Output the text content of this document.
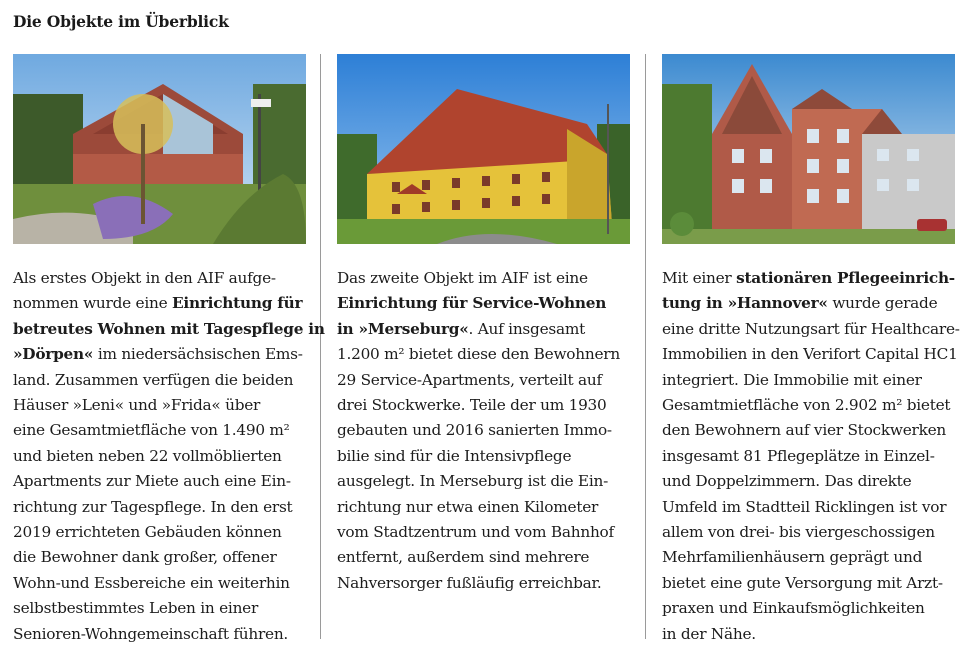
Die Objekte im Überblick
Als erstes Objekt in den AIF aufge-
nommen wurde eine Einrichtung für
betreutes Wohnen mit Tagespflege in
»Dörpen« im niedersächsischen Ems-
land. Zusammen verfügen die beiden
Häuser »Leni« und »Frida« über
eine Gesamtmietfläche von 1.490 m²
und bieten neben 22 vollmöblierten
Apartments zur Miete auch eine Ein-
richtung zur Tagespflege. In den erst
2019 errichteten Gebäuden können
die Bewohner dank großer, offener
Wohn-und Essbereiche ein weiterhin
selbstbestimmtes Leben in einer
Senioren-Wohngemeinschaft führen.
Das zweite Objekt im AIF ist eine
Einrichtung für Service-Wohnen
in »Merseburg«. Auf insgesamt
1.200 m² bietet diese den Bewohnern
29 Service-Apartments, verteilt auf
drei Stockwerke. Teile der um 1930
gebauten und 2016 sanierten Immo-
bilie sind für die Intensivpflege
ausgelegt. In Merseburg ist die Ein-
richtung nur etwa einen Kilometer
vom Stadtzentrum und vom Bahnhof
entfernt, außerdem sind mehrere
Nahversorger fußläufig erreichbar.
Mit einer stationären Pflegeeinrich-
tung in »Hannover« wurde gerade
eine dritte Nutzungsart für Healthcare-
Immobilien in den Verifort Capital HC1
integriert. Die Immobilie mit einer
Gesamtmietfläche von 2.902 m² bietet
den Bewohnern auf vier Stockwerken
insgesamt 81 Pflegeplätze in Einzel-
und Doppelzimmern. Das direkte
Umfeld im Stadtteil Ricklingen ist vor
allem von drei- bis viergeschossigen
Mehrfamilienhäusern geprägt und
bietet eine gute Versorgung mit Arzt-
praxen und Einkaufsmöglichkeiten
in der Nähe.
